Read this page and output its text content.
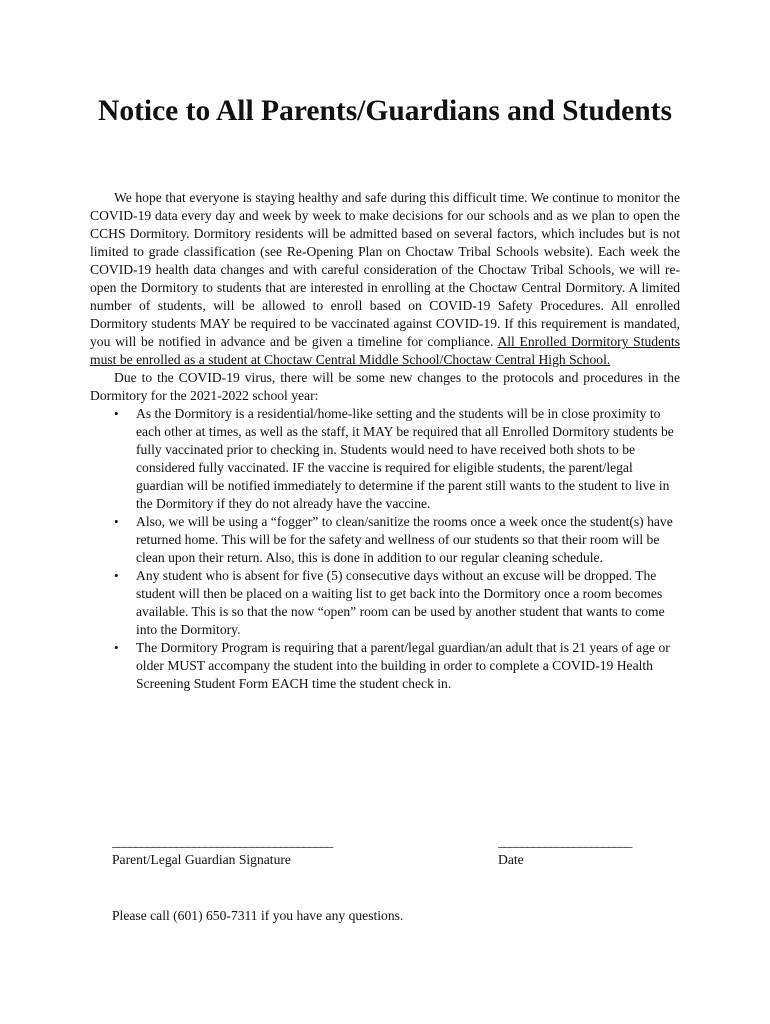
Notice to All Parents/Guardians and Students

We hope that everyone is staying healthy and safe during this difficult time. We continue to monitor the COVID-19 data every day and week by week to make decisions for our schools and as we plan to open the CCHS Dormitory. Dormitory residents will be admitted based on several factors, which includes but is not limited to grade classification (see Re-Opening Plan on Choctaw Tribal Schools website). Each week the COVID-19 health data changes and with careful consideration of the Choctaw Tribal Schools, we will re-open the Dormitory to students that are interested in enrolling at the Choctaw Central Dormitory. A limited number of students, will be allowed to enroll based on COVID-19 Safety Procedures. All enrolled Dormitory students MAY be required to be vaccinated against COVID-19. If this requirement is mandated, you will be notified in advance and be given a timeline for compliance. All Enrolled Dormitory Students must be enrolled as a student at Choctaw Central Middle School/Choctaw Central High School.

Due to the COVID-19 virus, there will be some new changes to the protocols and procedures in the Dormitory for the 2021-2022 school year:

• As the Dormitory is a residential/home-like setting and the students will be in close proximity to each other at times, as well as the staff, it MAY be required that all Enrolled Dormitory students be fully vaccinated prior to checking in. Students would need to have received both shots to be considered fully vaccinated. IF the vaccine is required for eligible students, the parent/legal guardian will be notified immediately to determine if the parent still wants to the student to live in the Dormitory if they do not already have the vaccine.
• Also, we will be using a “fogger” to clean/sanitize the rooms once a week once the student(s) have returned home. This will be for the safety and wellness of our students so that their room will be clean upon their return. Also, this is done in addition to our regular cleaning schedule.
• Any student who is absent for five (5) consecutive days without an excuse will be dropped. The student will then be placed on a waiting list to get back into the Dormitory once a room becomes available. This is so that the now “open” room can be used by another student that wants to come into the Dormitory.
• The Dormitory Program is requiring that a parent/legal guardian/an adult that is 21 years of age or older MUST accompany the student into the building in order to complete a COVID-19 Health Screening Student Form EACH time the student check in.
______________________________________	_______________________
Parent/Legal Guardian Signature	Date
Please call (601) 650-7311 if you have any questions.
